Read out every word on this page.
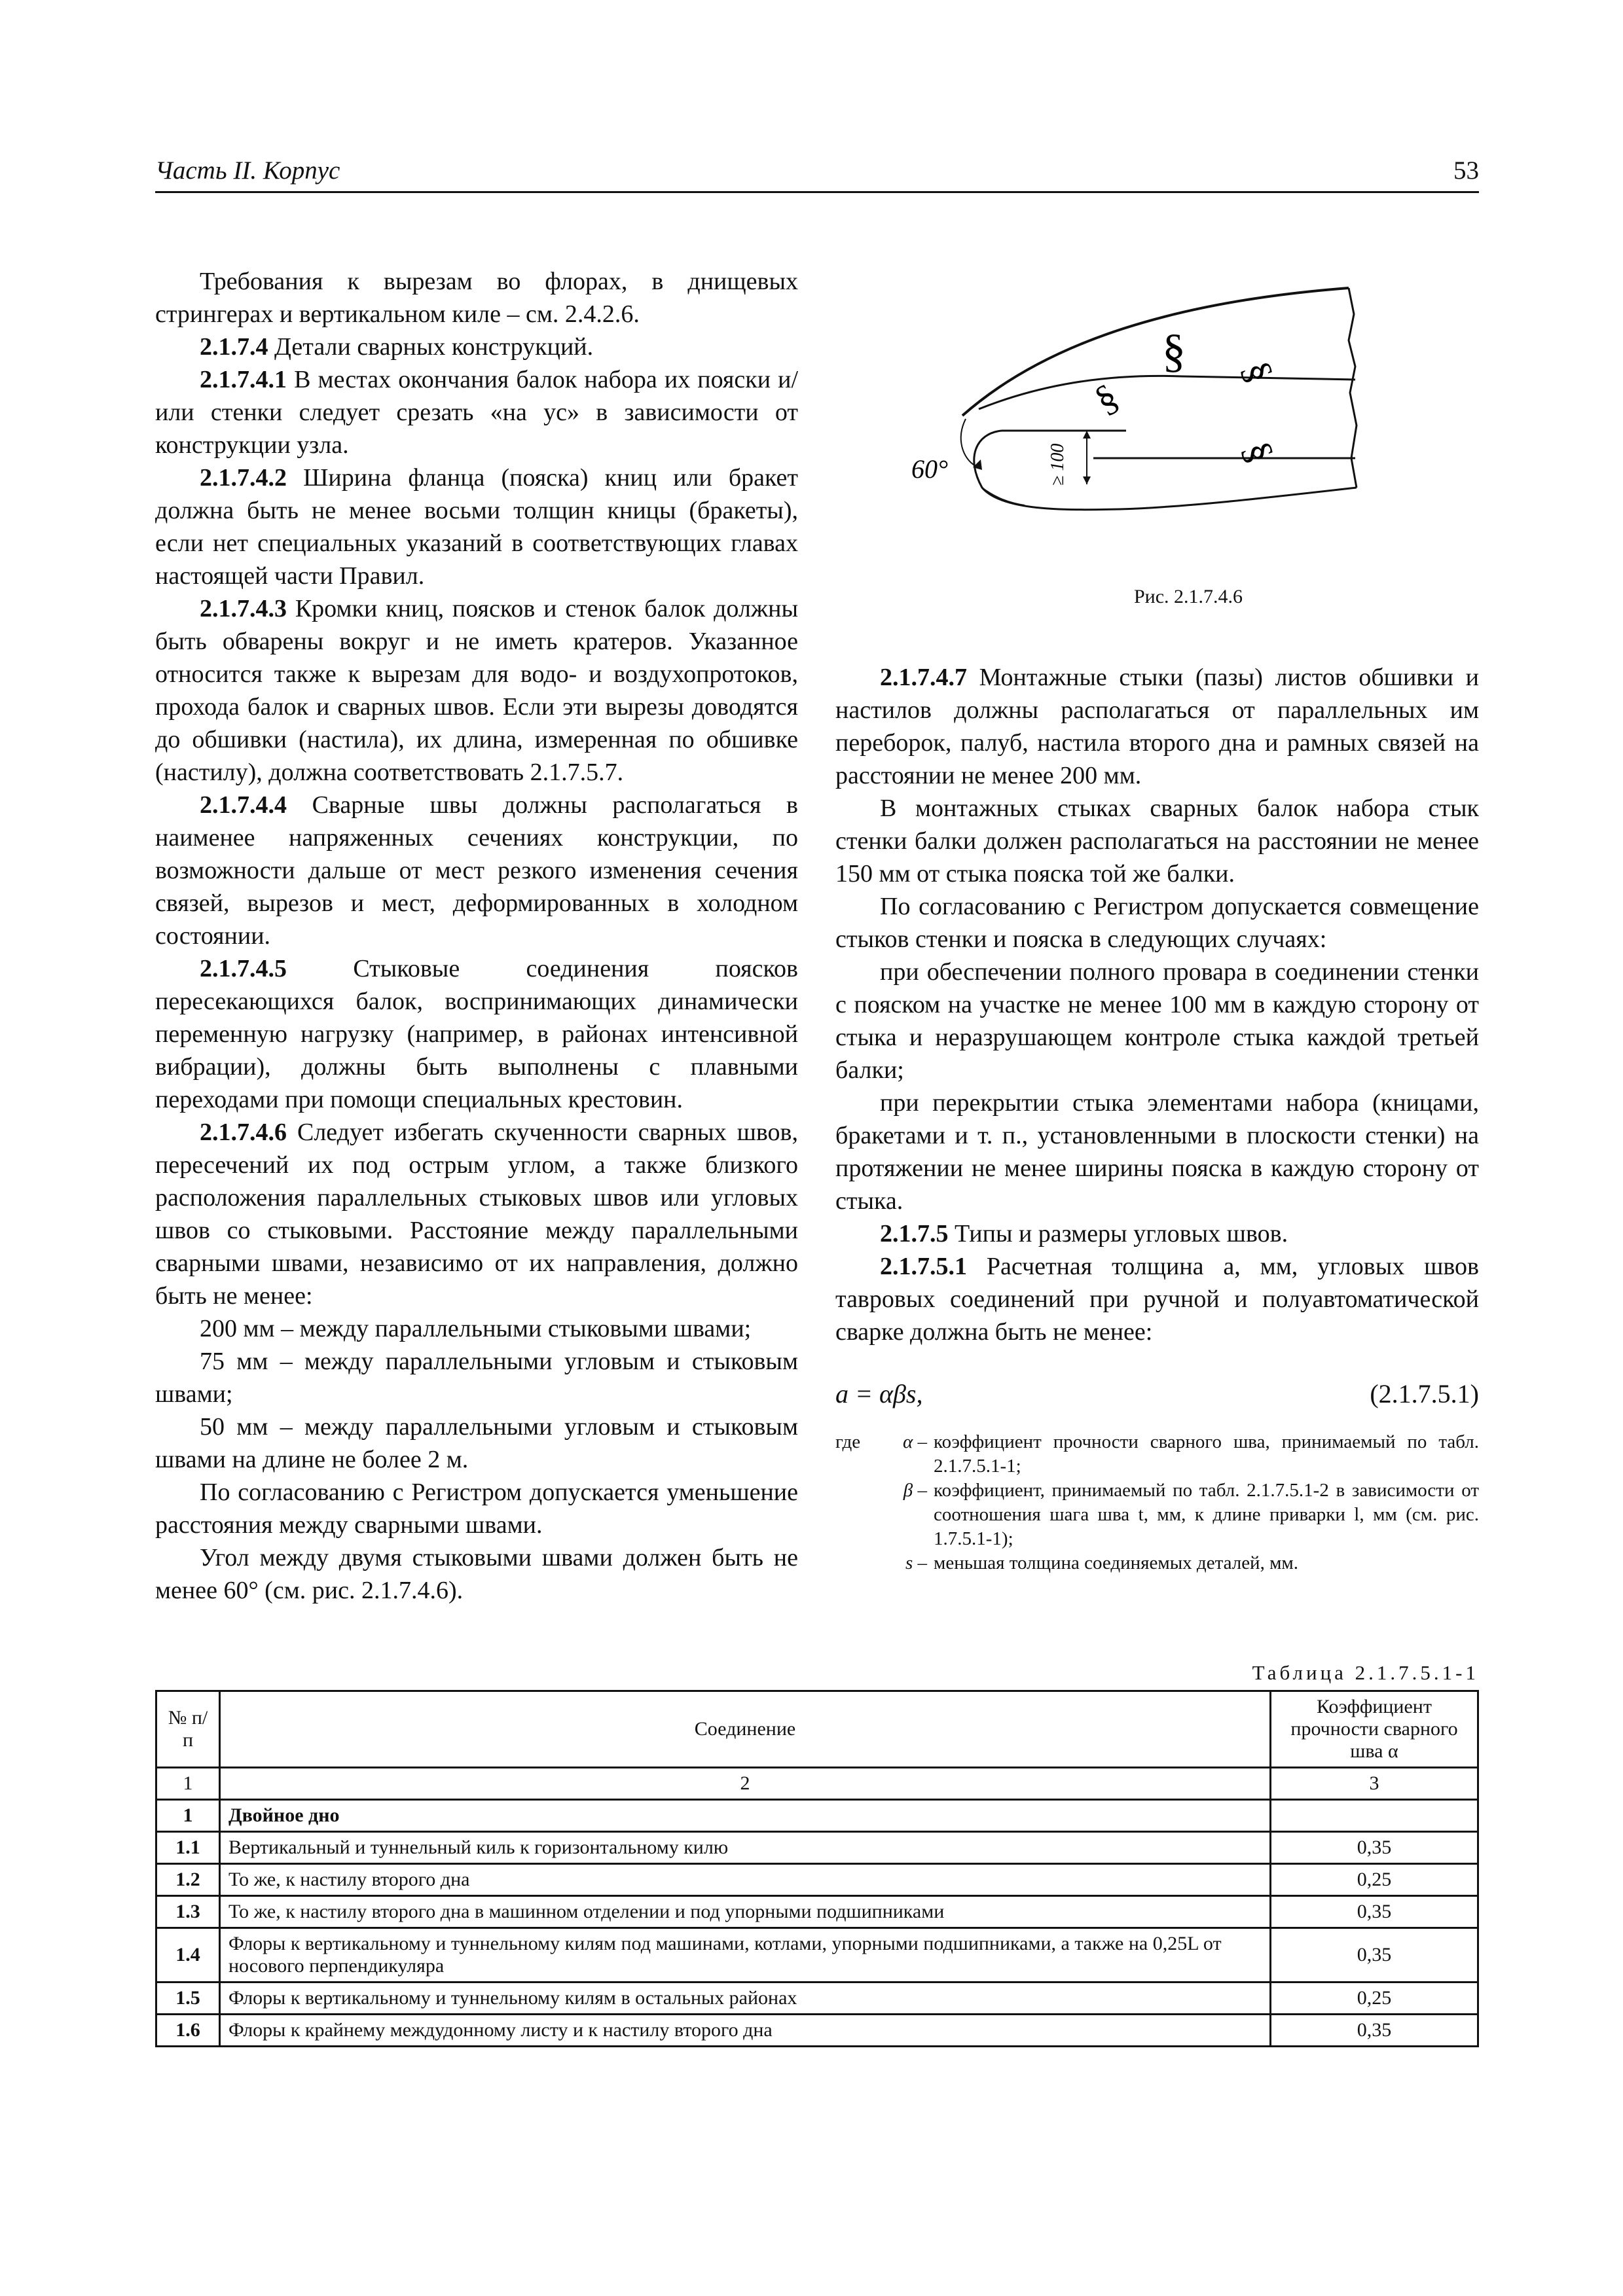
Часть II. Корпус	53

Требования к вырезам во флорах, в днищевых стрингерах и вертикальном киле – см. 2.4.2.6.

2.1.7.4 Детали сварных конструкций.

2.1.7.4.1 В местах окончания балок набора их пояски и/или стенки следует срезать «на ус» в зависимости от конструкции узла.

2.1.7.4.2 Ширина фланца (пояска) книц или бракет должна быть не менее восьми толщин кницы (бракеты), если нет специальных указаний в соответствующих главах настоящей части Правил.

2.1.7.4.3 Кромки книц, поясков и стенок балок должны быть обварены вокруг и не иметь кратеров. Указанное относится также к вырезам для водо- и воздухопротоков, прохода балок и сварных швов. Если эти вырезы доводятся до обшивки (настила), их длина, измеренная по обшивке (настилу), должна соответствовать 2.1.7.5.7.

2.1.7.4.4 Сварные швы должны располагаться в наименее напряженных сечениях конструкции, по возможности дальше от мест резкого изменения сечения связей, вырезов и мест, деформированных в холодном состоянии.

2.1.7.4.5	Стыковые соединения поясков пересекающихся балок, воспринимающих динамически переменную нагрузку (например, в районах интенсивной вибрации), должны быть выполнены с плавными переходами при помощи специальных крестовин.

2.1.7.4.6 Следует избегать скученности сварных швов, пересечений их под острым углом, а также близкого расположения параллельных стыковых швов или угловых швов со стыковыми. Расстояние между параллельными сварными швами, независимо от их направления, должно быть не менее:

200 мм – между параллельными стыковыми швами;

75 мм – между параллельными угловым и стыковым швами;

50 мм – между параллельными угловым и стыковым швами на длине не более 2 м.

По согласованию с Регистром допускается уменьшение расстояния между сварными швами.

Угол между двумя стыковыми швами должен быть не менее 60° (см. рис. 2.1.7.4.6).

60°	≥ 100
§
§
§
§
Рис. 2.1.7.4.6

2.1.7.4.7 Монтажные стыки (пазы) листов обшивки и настилов должны располагаться от параллельных им переборок, палуб, настила второго дна и рамных связей на расстоянии не менее 200 мм.

В монтажных стыках сварных балок набора стык стенки балки должен располагаться на расстоянии не менее 150 мм от стыка пояска той же балки.

По согласованию с Регистром допускается совмещение стыков стенки и пояска в следующих случаях:

при обеспечении полного провара в соединении стенки с пояском на участке не менее 100 мм в каждую сторону от стыка и неразрушающем контроле стыка каждой третьей балки;

при перекрытии стыка элементами набора (кницами, бракетами и т. п., установленными в плоскости стенки) на протяжении не менее ширины пояска в каждую сторону от стыка.

2.1.7.5 Типы и размеры угловых швов.

2.1.7.5.1 Расчетная толщина a, мм, угловых швов тавровых соединений при ручной и полуавтоматической сварке должна быть не менее:

a = αβs,	(2.1.7.5.1)
где	α – коэффициент прочности сварного шва, принимаемый по табл. 2.1.7.5.1-1;
β – коэффициент, принимаемый по табл. 2.1.7.5.1-2 в зависимости от соотношения шага шва t, мм, к длине приварки l, мм (см. рис. 1.7.5.1-1);
s – меньшая толщина соединяемых деталей, мм.
Таблица 2.1.7.5.1-1
№ п/п	Соединение	Коэффициент прочности сварного шва α
1	2	3
1	Двойное дно	
1.1	Вертикальный и туннельный киль к горизонтальному килю	0,35
1.2	То же, к настилу второго дна	0,25
1.3	То же, к настилу второго дна в машинном отделении и под упорными подшипниками	0,35
1.4	Флоры к вертикальному и туннельному килям под машинами, котлами, упорными подшипниками, а также на 0,25L от носового перпендикуляра	0,35
1.5	Флоры к вертикальному и туннельному килям в остальных районах	0,25
1.6	Флоры к крайнему междудонному листу и к настилу второго дна	0,35
